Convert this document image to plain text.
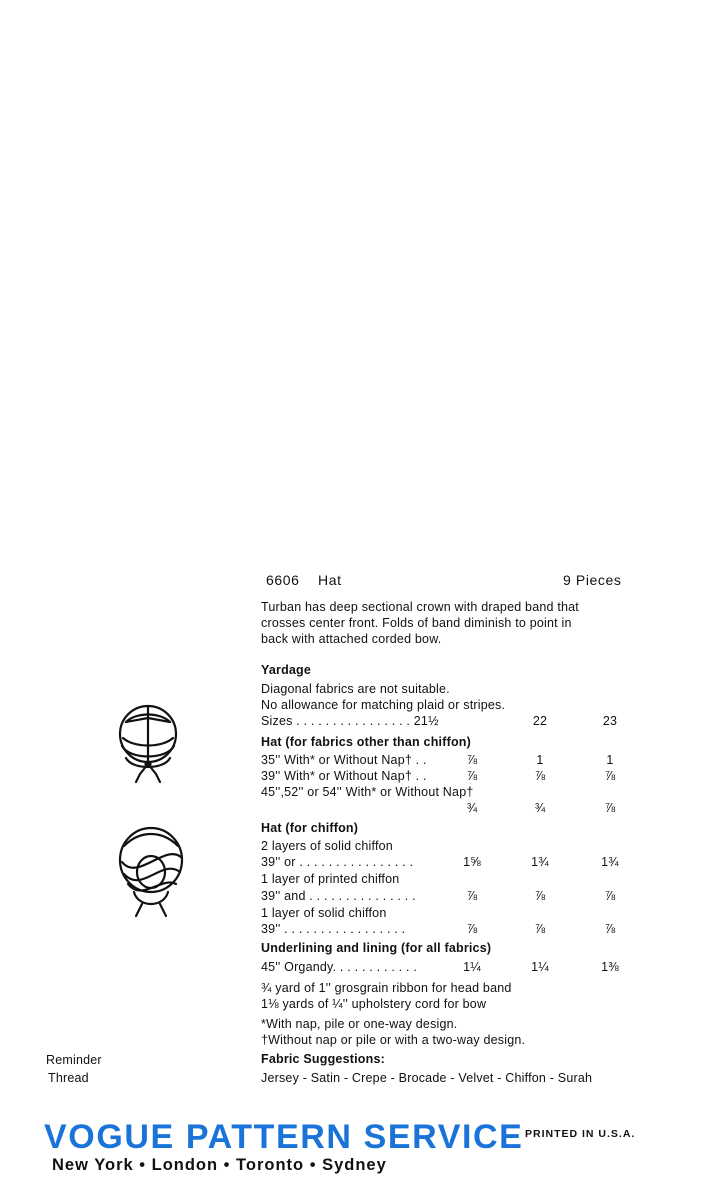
6606 Hat	9 Pieces
Turban has deep sectional crown with draped band that
crosses center front. Folds of band diminish to point in
back with attached corded bow.
Yardage
Diagonal fabrics are not suitable.
No allowance for matching plaid or stripes.
Sizes . . . . . . . . . . . . . . . . 21½	22	23
Hat (for fabrics other than chiffon)
35'' With* or Without Nap† . .	⅞	1	1
39'' With* or Without Nap† . .	⅞	⅞	⅞
45'',52'' or 54'' With* or Without Nap†
¾	¾	⅞
Hat (for chiffon)
2 layers of solid chiffon
39'' or . . . . . . . . . . . . . . . .	1⅝	1¾	1¾
1 layer of printed chiffon
39'' and . . . . . . . . . . . . . . .	⅞	⅞	⅞
1 layer of solid chiffon
39'' . . . . . . . . . . . . . . . . .	⅞	⅞	⅞
Underlining and lining (for all fabrics)
45'' Organdy. . . . . . . . . . . .	1¼	1¼	1⅜
¾ yard of 1'' grosgrain ribbon for head band
1⅛ yards of ¼'' upholstery cord for bow
*With nap, pile or one-way design.
†Without nap or pile or with a two-way design.
Fabric Suggestions:
Jersey - Satin - Crepe - Brocade - Velvet - Chiffon - Surah
Reminder
Thread
VOGUE PATTERN SERVICE
New York • London • Toronto • Sydney
PRINTED IN U.S.A.
